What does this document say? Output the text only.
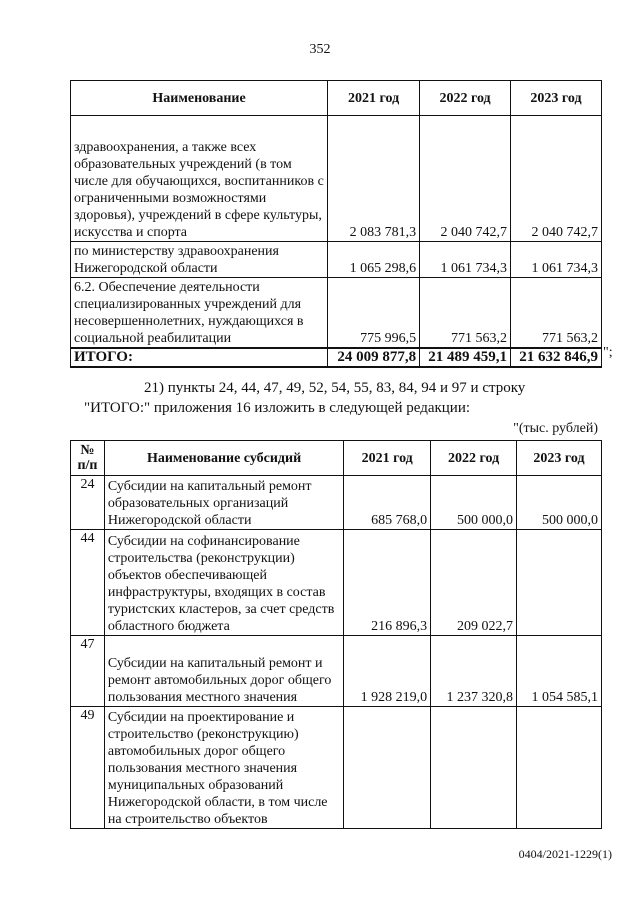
352
Наименование	2021 год	2022 год	2023 год
здравоохранения, а также всех образовательных учреждений (в том числе для обучающихся, воспитанников с ограниченными возможностями здоровья), учреждений в сфере культуры, искусства и спорта	2 083 781,3	2 040 742,7	2 040 742,7
по министерству здравоохранения Нижегородской области	1 065 298,6	1 061 734,3	1 061 734,3
6.2. Обеспечение деятельности специализированных учреждений для несовершеннолетних, нуждающихся в социальной реабилитации	775 996,5	771 563,2	771 563,2
ИТОГО:	24 009 877,8	21 489 459,1	21 632 846,9 ";
21) пункты 24, 44, 47, 49, 52, 54, 55, 83, 84, 94 и 97 и строку
"ИТОГО:" приложения 16 изложить в следующей редакции:
"(тыс. рублей)
№ п/п	Наименование субсидий	2021 год	2022 год	2023 год
24	Субсидии на капитальный ремонт образовательных организаций Нижегородской области	685 768,0	500 000,0	500 000,0
44	Субсидии на софинансирование строительства (реконструкции) объектов обеспечивающей инфраструктуры, входящих в состав туристских кластеров, за счет средств областного бюджета	216 896,3	209 022,7	
47	Субсидии на капитальный ремонт и ремонт автомобильных дорог общего пользования местного значения	1 928 219,0	1 237 320,8	1 054 585,1
49	Субсидии на проектирование и строительство (реконструкцию) автомобильных дорог общего пользования местного значения муниципальных образований Нижегородской области, в том числе на строительство объектов			
0404/2021-1229(1)
